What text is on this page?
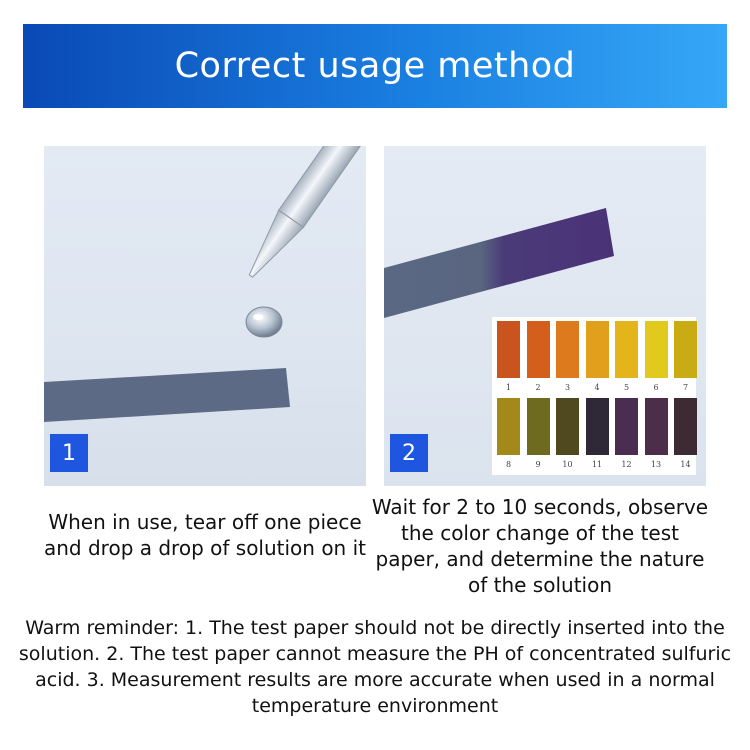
Correct usage method
1	2
1	2	3	4	5	6	7
8	9	10	11	12	13	14
When in use, tear off one piece and drop a drop of solution on it
Wait for 2 to 10 seconds, observe the color change of the test paper, and determine the nature of the solution
Warm reminder: 1. The test paper should not be directly inserted into the solution. 2. The test paper cannot measure the PH of concentrated sulfuric acid. 3. Measurement results are more accurate when used in a normal temperature environment
